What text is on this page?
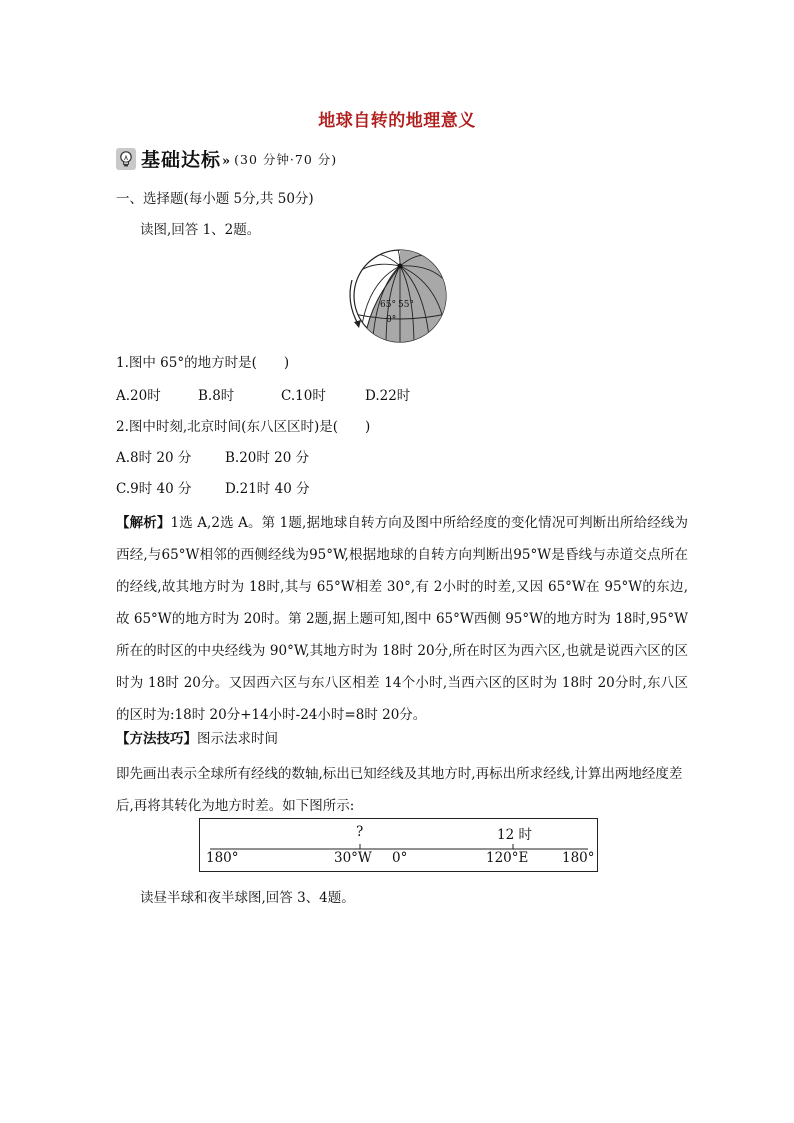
地球自转的地理意义
基础达标 » (30 分钟·70 分)
一、选择题(每小题 5分,共 50分)
读图,回答 1、2题。
65° 55°
0°
1.图中 65°的地方时是(　　)
A.20时	B.8时	C.10时	D.22时
2.图中时刻,北京时间(东八区区时)是(　　)
A.8时 20 分 B.20时 20 分
C.9时 40 分 D.21时 40 分
【解析】1选 A,2选 A。第 1题,据地球自转方向及图中所给经度的变化情况可判断出所给经线为西经,与65°W相邻的西侧经线为95°W,根据地球的自转方向判断出95°W是昏线与赤道交点所在的经线,故其地方时为 18时,其与 65°W相差 30°,有 2小时的时差,又因 65°W在 95°W的东边,故 65°W的地方时为 20时。第 2题,据上题可知,图中 65°W西侧 95°W的地方时为 18时,95°W所在的时区的中央经线为 90°W,其地方时为 18时 20分,所在时区为西六区,也就是说西六区的区时为 18时 20分。又因西六区与东八区相差 14个小时,当西六区的区时为 18时 20分时,东八区的区时为:18时 20分+14小时-24小时=8时 20分。
【方法技巧】图示法求时间
即先画出表示全球所有经线的数轴,标出已知经线及其地方时,再标出所求经线,计算出两地经度差后,再将其转化为地方时差。如下图所示:
?	12 时
180°	30°W 0°	120°E 180°
读昼半球和夜半球图,回答 3、4题。
